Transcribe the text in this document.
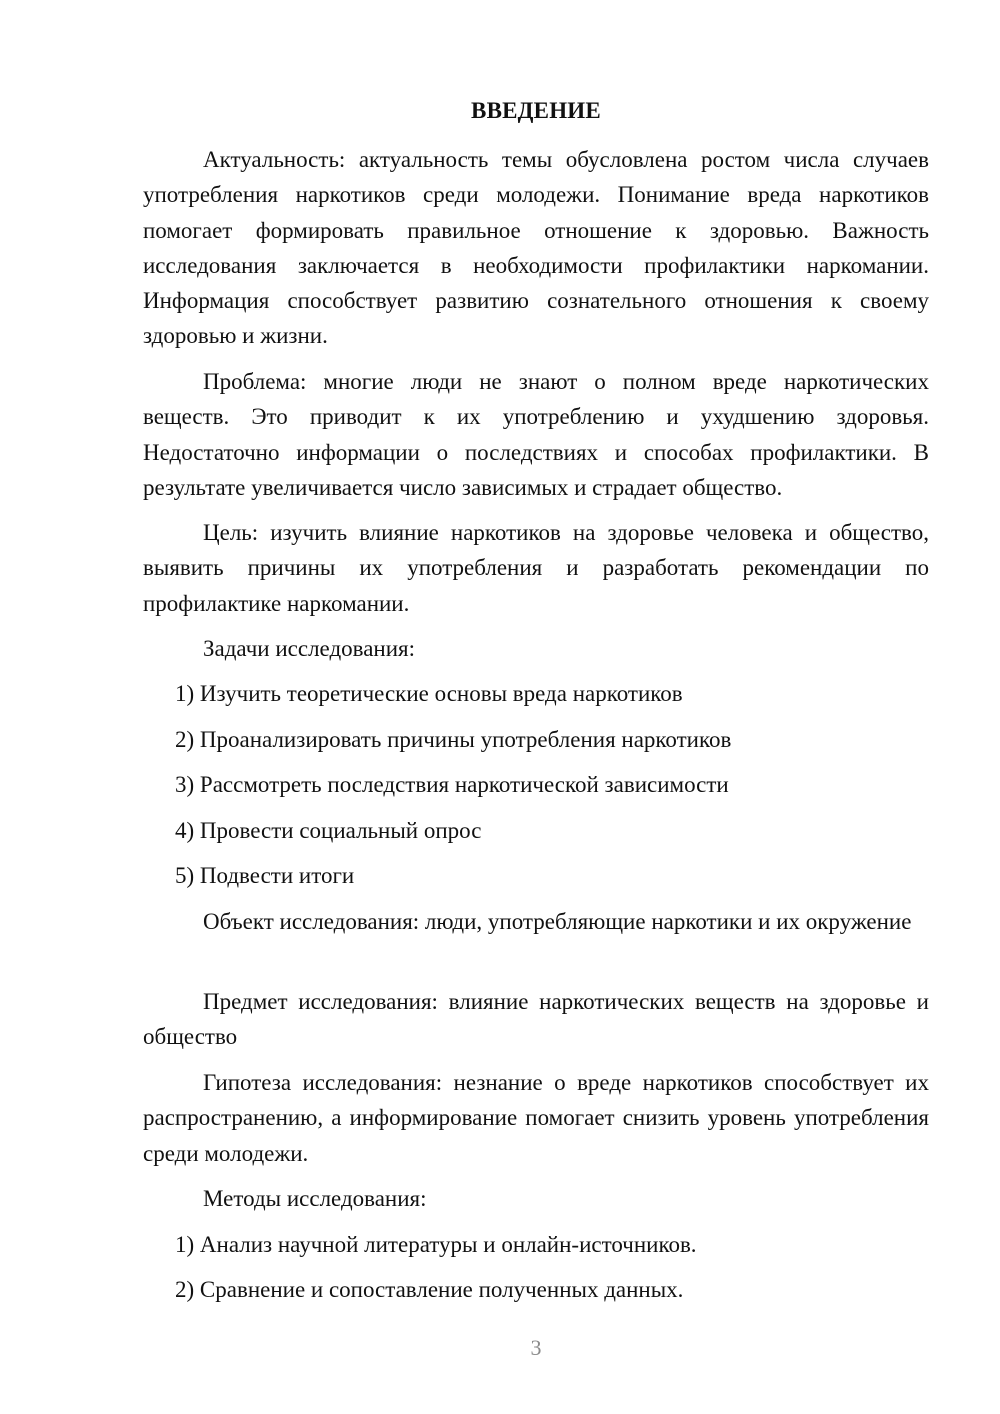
ВВЕДЕНИЕ

Актуальность: актуальность темы обусловлена ростом числа случаев употребления наркотиков среди молодежи. Понимание вреда наркотиков помогает формировать правильное отношение к здоровью. Важность исследования заключается в необходимости профилактики наркомании. Информация способствует развитию сознательного отношения к своему здоровью и жизни.

Проблема: многие люди не знают о полном вреде наркотических веществ. Это приводит к их употреблению и ухудшению здоровья. Недостаточно информации о последствиях и способах профилактики. В результате увеличивается число зависимых и страдает общество.

Цель: изучить влияние наркотиков на здоровье человека и общество, выявить причины их употребления и разработать рекомендации по профилактике наркомании.

Задачи исследования:
1) Изучить теоретические основы вреда наркотиков
2) Проанализировать причины употребления наркотиков
3) Рассмотреть последствия наркотической зависимости
4) Провести социальный опрос
5) Подвести итоги

Объект исследования: люди, употребляющие наркотики и их окружение

Предмет исследования: влияние наркотических веществ на здоровье и общество

Гипотеза исследования: незнание о вреде наркотиков способствует их распространению, а информирование помогает снизить уровень употребления среди молодежи.

Методы исследования:
1) Анализ научной литературы и онлайн-источников.
2) Сравнение и сопоставление полученных данных.
3
